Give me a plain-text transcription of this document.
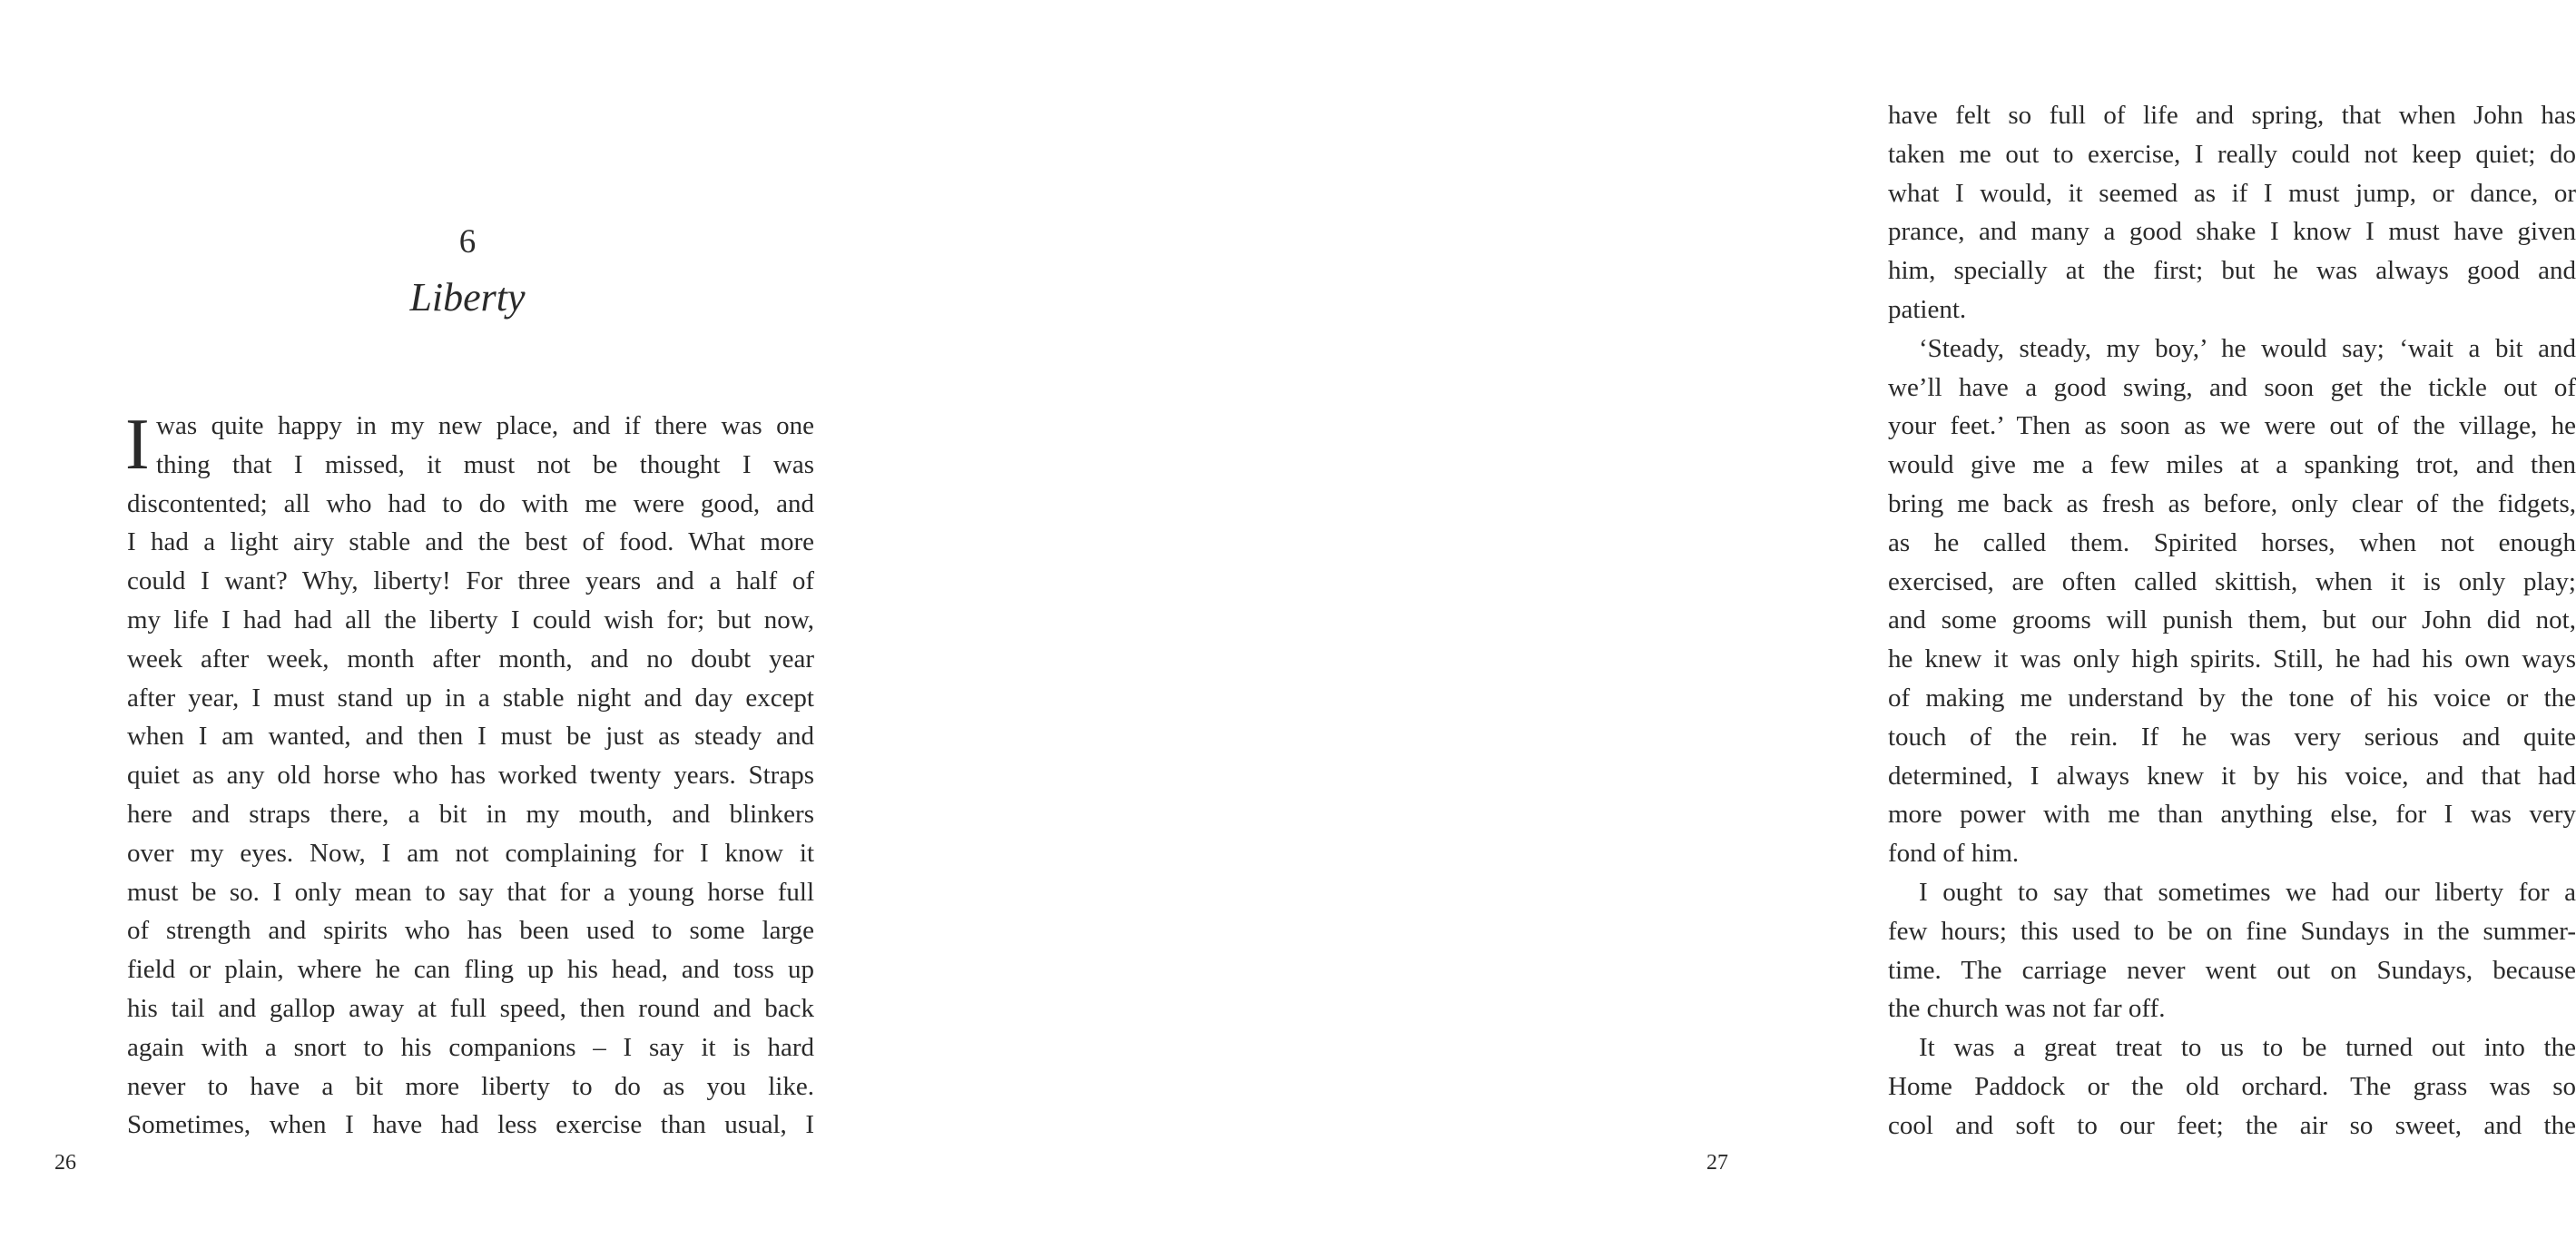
6
Liberty
I was quite happy in my new place, and if there was one
thing that I missed, it must not be thought I was
discontented; all who had to do with me were good, and
I had a light airy stable and the best of food. What more
could I want? Why, liberty! For three years and a half of
my life I had had all the liberty I could wish for; but now,
week after week, month after month, and no doubt year
after year, I must stand up in a stable night and day except
when I am wanted, and then I must be just as steady and
quiet as any old horse who has worked twenty years. Straps
here and straps there, a bit in my mouth, and blinkers
over my eyes. Now, I am not complaining for I know it
must be so. I only mean to say that for a young horse full
of strength and spirits who has been used to some large
field or plain, where he can fling up his head, and toss up
his tail and gallop away at full speed, then round and back
again with a snort to his companions – I say it is hard
never to have a bit more liberty to do as you like.
Sometimes, when I have had less exercise than usual, I
26
have felt so full of life and spring, that when John has
taken me out to exercise, I really could not keep quiet; do
what I would, it seemed as if I must jump, or dance, or
prance, and many a good shake I know I must have given
him, specially at the first; but he was always good and
patient.
‘Steady, steady, my boy,’ he would say; ‘wait a bit and
we’ll have a good swing, and soon get the tickle out of
your feet.’ Then as soon as we were out of the village, he
would give me a few miles at a spanking trot, and then
bring me back as fresh as before, only clear of the fidgets,
as he called them. Spirited horses, when not enough
exercised, are often called skittish, when it is only play;
and some grooms will punish them, but our John did not,
he knew it was only high spirits. Still, he had his own ways
of making me understand by the tone of his voice or the
touch of the rein. If he was very serious and quite
determined, I always knew it by his voice, and that had
more power with me than anything else, for I was very
fond of him.
I ought to say that sometimes we had our liberty for a
few hours; this used to be on fine Sundays in the summer-
time. The carriage never went out on Sundays, because
the church was not far off.
It was a great treat to us to be turned out into the
Home Paddock or the old orchard. The grass was so
cool and soft to our feet; the air so sweet, and the
27
